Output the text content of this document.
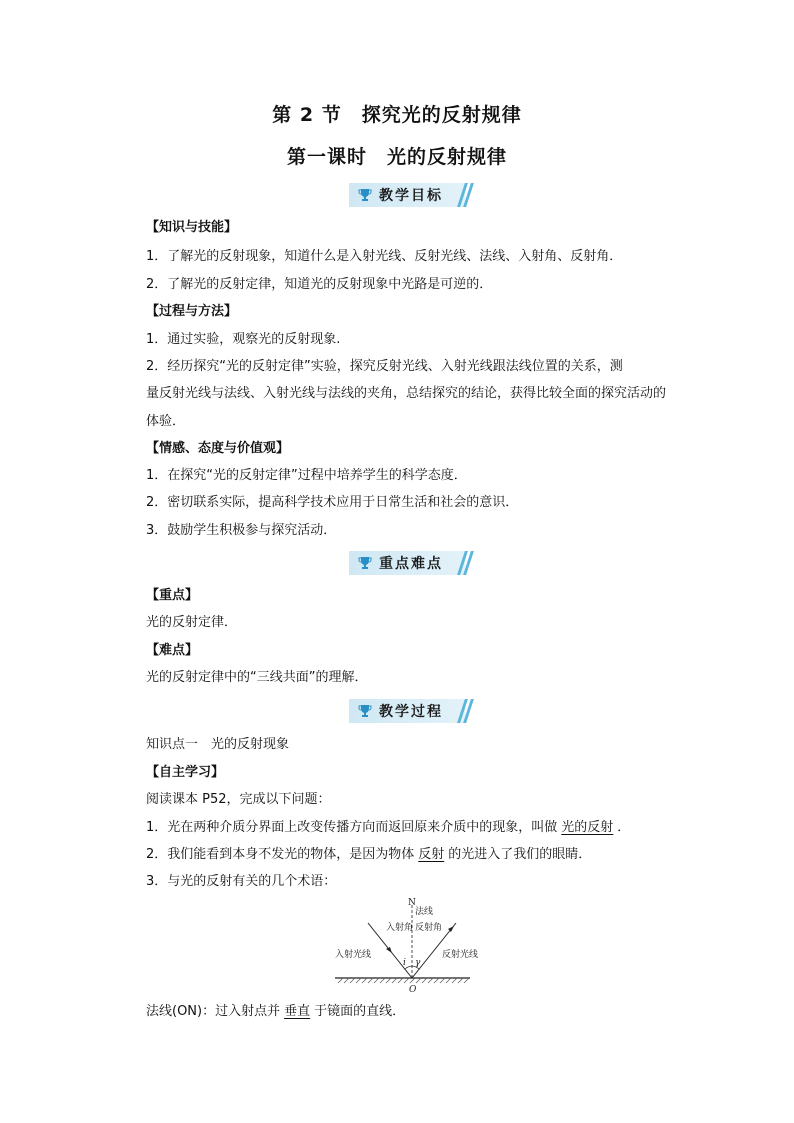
第 2 节　探究光的反射规律
第一课时　光的反射规律
教学目标
【知识与技能】
1．了解光的反射现象，知道什么是入射光线、反射光线、法线、入射角、反射角．
2．了解光的反射定律，知道光的反射现象中光路是可逆的．
【过程与方法】
1．通过实验，观察光的反射现象.
2．经历探究“光的反射定律”实验，探究反射光线、入射光线跟法线位置的关系，测
量反射光线与法线、入射光线与法线的夹角，总结探究的结论，获得比较全面的探究活动的
体验．
【情感、态度与价值观】
1．在探究“光的反射定律”过程中培养学生的科学态度．
2．密切联系实际，提高科学技术应用于日常生活和社会的意识．
3．鼓励学生积极参与探究活动．
重点难点
【重点】
光的反射定律．
【难点】
光的反射定律中的“三线共面”的理解．
教学过程
知识点一　光的反射现象
【自主学习】
阅读课本 P52，完成以下问题：
1．光在两种介质分界面上改变传播方向而返回原来介质中的现象，叫做 光的反射 ．
2．我们能看到本身不发光的物体，是因为物体 反射 的光进入了我们的眼睛．
3．与光的反射有关的几个术语：
N
法线
入射角 反射角
入射光线	反射光线
i γ
O
法线(ON)：过入射点并 垂直 于镜面的直线．
